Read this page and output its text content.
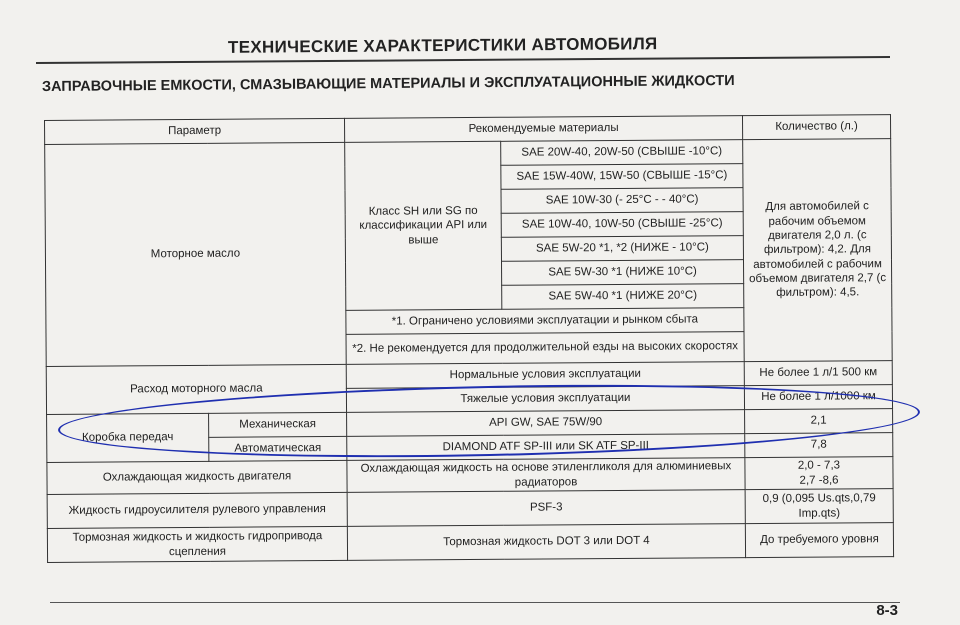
ТЕХНИЧЕСКИЕ ХАРАКТЕРИСТИКИ АВТОМОБИЛЯ
ЗАПРАВОЧНЫЕ ЕМКОСТИ, СМАЗЫВАЮЩИЕ МАТЕРИАЛЫ И ЭКСПЛУАТАЦИОННЫЕ ЖИДКОСТИ
Параметр		Рекомендуемые материалы		Количество (л.)
Моторное масло		Класс SH или SG по классификации API или выше	SAE 20W-40, 20W-50 (СВЫШЕ -10°C)	Для автомобилей с рабочим объемом двигателя 2,0 л. (с фильтром): 4,2. Для автомобилей с рабочим объемом двигателя 2,7 (с фильтром): 4,5.
			SAE 15W-40W, 15W-50 (СВЫШЕ -15°C)	
			SAE 10W-30 (- 25°C - - 40°C)	
			SAE 10W-40, 10W-50 (СВЫШЕ -25°C)	
			SAE 5W-20 *1, *2 (НИЖЕ - 10°C)	
			SAE 5W-30 *1 (НИЖЕ 10°C)	
			SAE 5W-40 *1 (НИЖЕ 20°C)	
		*1. Ограничено условиями эксплуатации и рынком сбыта		
		*2. Не рекомендуется для продолжительной езды на высоких скоростях		
Расход моторного масла		Нормальные условия эксплуатации		Не более 1 л/1 500 км
		Тяжелые условия эксплуатации		Не более 1 л/1000 км
Коробка передач	Механическая	API GW, SAE 75W/90		2,1
	Автоматическая	DIAMOND ATF SP-III или SK ATF SP-III		7,8
Охлаждающая жидкость двигателя		Охлаждающая жидкость на основе этиленгликоля для алюминиевых радиаторов		2,0 - 7,3
2,7 -8,6
Жидкость гидроусилителя рулевого управления		PSF-3		0,9 (0,095 Us.qts,0,79 Imp.qts)
Тормозная жидкость и жидкость гидропривода сцепления		Тормозная жидкость DOT 3 или DOT 4		До требуемого уровня
8-3
